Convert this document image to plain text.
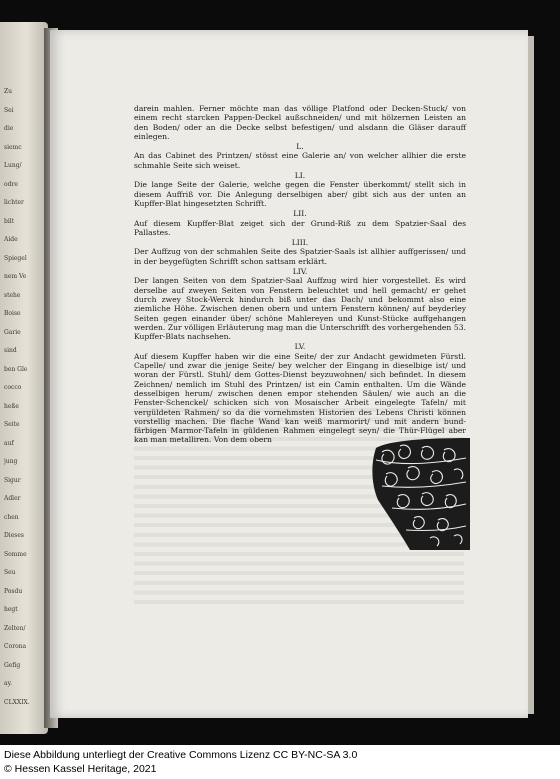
Zu
Sei
die
siemc
Lung/
odre
lichter
bilt
Aide
Spiegel
nem Ve
stehe
Boise
Garie
sind
ben Gle
cocco
heße
Seite
auf
jung
Sigur
Adler
chen
Dieses
Somme
Seu
Posdu
hegt
Zelten/
Corona
Gefig
ay.
CLXXIX.

darein mahlen. Ferner möchte man das völlige Platfond oder Decken-Stuck/ von einem recht starcken Pappen-Deckel außschneiden/ und mit hölzernen Leisten an den Boden/ oder an die Decke selbst befestigen/ und alsdann die Gläser darauff einlegen.

L.

An das Cabinet des Printzen/ stösst eine Galerie an/ von welcher allhier die erste schmahle Seite sich weiset.

LI.

Die lange Seite der Galerie, welche gegen die Fenster überkommt/ stellt sich in diesem Auffriß vor. Die Anlegung derselbigen aber/ gibt sich aus der unten an Kupffer-Blat hingesetzten Schrifft.

LII.

Auf diesem Kupffer-Blat zeiget sich der Grund-Riß zu dem Spatzier-Saal des Pallastes.

LIII.

Der Auffzug von der schmahlen Seite des Spatzier-Saals ist allhier auffgerissen/ und in der beygefügten Schrifft schon sattsam erklärt.

LIV.

Der langen Seiten von dem Spatzier-Saal Auffzug wird hier vorgestellet. Es wird derselbe auf zweyen Seiten von Fenstern beleuchtet und hell gemacht/ er gehet durch zwey Stock-Werck hindurch biß unter das Dach/ und bekommt also eine ziemliche Höhe. Zwischen denen obern und untern Fenstern können/ auf beyderley Seiten gegen einander über/ schöne Mahlereyen und Kunst-Stücke auffgehangen werden. Zur völligen Erläuterung mag man die Unterschrifft des vorhergehenden 53. Kupffer-Blats nachsehen.

LV.

Auf diesem Kupffer haben wir die eine Seite/ der zur Andacht gewidmeten Fürstl. Capelle/ und zwar die jenige Seite/ bey welcher der Eingang in dieselbige ist/ und woran der Fürstl. Stuhl/ dem Gottes-Dienst beyzuwohnen/ sich befindet. In diesem Zeichnen/ nemlich im Stuhl des Printzen/ ist ein Camin enthalten. Um die Wände desselbigen herum/ zwischen denen empor stehenden Säulen/ wie auch an die Fenster-Schenckel/ schicken sich von Mosaischer Arbeit eingelegte Tafeln/ mit vergüldeten Rahmen/ so da die vornehmsten Historien des Lebens Christi können vorstellig machen. Die flache Wand kan weiß marmorirt/ und mit andern bund-färbigen Marmor-Tafeln in güldenen Rahmen eingelegt seyn/ die Thür-Flügel aber kan man metalliren. Von dem obern

Diese Abbildung unterliegt der Creative Commons Lizenz CC BY-NC-SA 3.0
© Hessen Kassel Heritage, 2021
